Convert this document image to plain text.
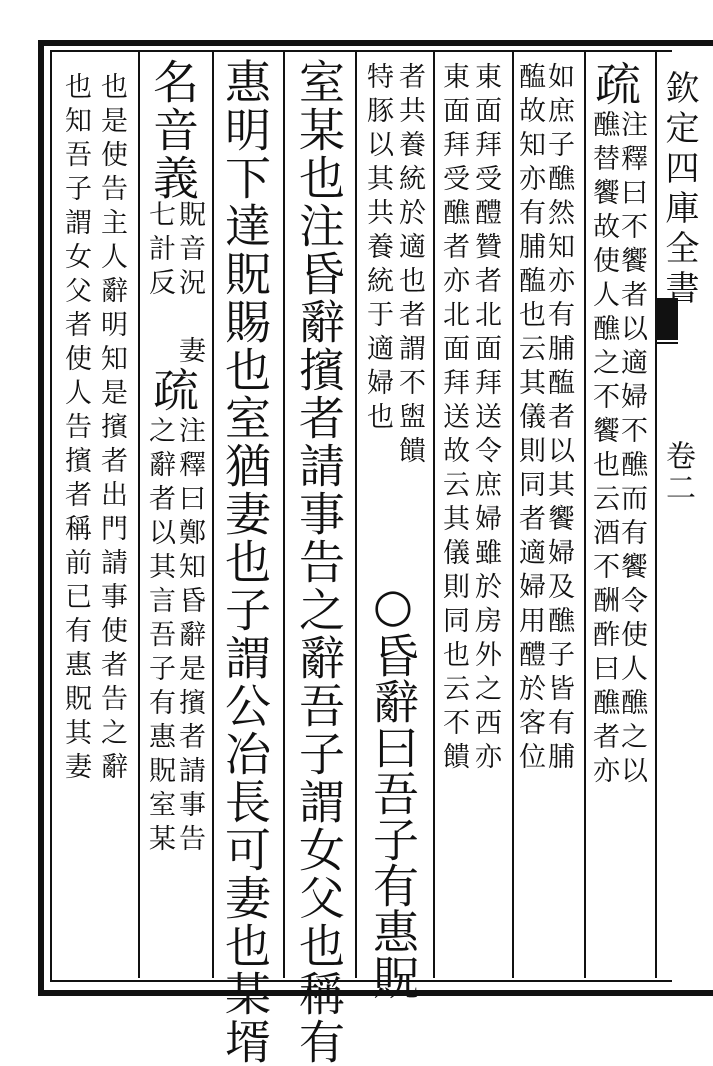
欽定四庫全書
卷二
疏
注釋曰不饗者以適婦不醮而有饗令使人醮之以
醮替饗故使人醮之不饗也云酒不酬酢曰醮者亦
如庶子醮然知亦有脯醢者以其饗婦及醮子皆有脯
醢故知亦有脯醢也云其儀則同者適婦用醴於客位
東面拜受醴贊者北面拜送令庶婦雖於房外之西亦
東面拜受醮者亦北面拜送故云其儀則同也云不饋
者共養統於適也者謂不盥饋
特豚以其共養統于適婦也
○昏辭曰吾子有惠貺
室某也注昏辭擯者請事告之辭吾子謂女父也稱有
惠明下達貺賜也室猶妻也子謂公冶長可妻也某壻
名音義
貺音況　妻
七計反
疏
注釋曰鄭知昏辭是擯者請事告
之辭者以其言吾子有惠貺室某
也是使告主人辭明知是擯者出門請事使者告之辭
也知吾子謂女父者使人告擯者稱前已有惠貺其妻
